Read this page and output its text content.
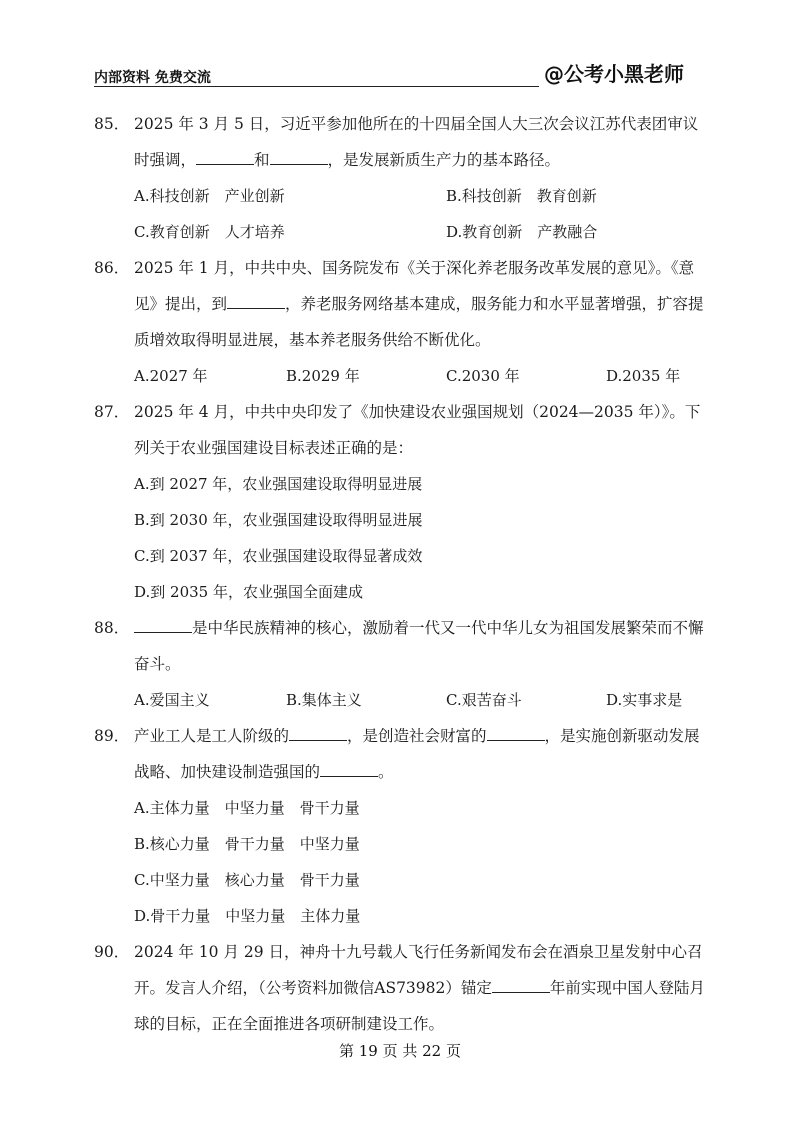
内部资料 免费交流	@公考小黑老师
85． 2025 年 3 月 5 日，习近平参加他所在的十四届全国人大三次会议江苏代表团审议时强调，	和	，是发展新质生产力的基本路径。
A.科技创新　产业创新	B.科技创新　教育创新
C.教育创新　人才培养	D.教育创新　产教融合
86． 2025 年 1 月，中共中央、国务院发布《关于深化养老服务改革发展的意见》。《意见》提出，到	，养老服务网络基本建成，服务能力和水平显著增强，扩容提质增效取得明显进展，基本养老服务供给不断优化。
A.2027 年	B.2029 年	C.2030 年	D.2035 年
87． 2025 年 4 月，中共中央印发了《加快建设农业强国规划（2024—2035 年）》。下列关于农业强国建设目标表述正确的是：
A.到 2027 年，农业强国建设取得明显进展
B.到 2030 年，农业强国建设取得明显进展
C.到 2037 年，农业强国建设取得显著成效
D.到 2035 年，农业强国全面建成
88．	是中华民族精神的核心，激励着一代又一代中华儿女为祖国发展繁荣而不懈奋斗。
A.爱国主义	B.集体主义	C.艰苦奋斗	D.实事求是
89． 产业工人是工人阶级的	，是创造社会财富的	，是实施创新驱动发展战略、加快建设制造强国的	。
A.主体力量　中坚力量　骨干力量
B.核心力量　骨干力量　中坚力量
C.中坚力量　核心力量　骨干力量
D.骨干力量　中坚力量　主体力量
90． 2024 年 10 月 29 日，神舟十九号载人飞行任务新闻发布会在酒泉卫星发射中心召开。发言人介绍，（公考资料加微信AS73982）锚定	年前实现中国人登陆月球的目标，正在全面推进各项研制建设工作。
第 19 页 共 22 页
